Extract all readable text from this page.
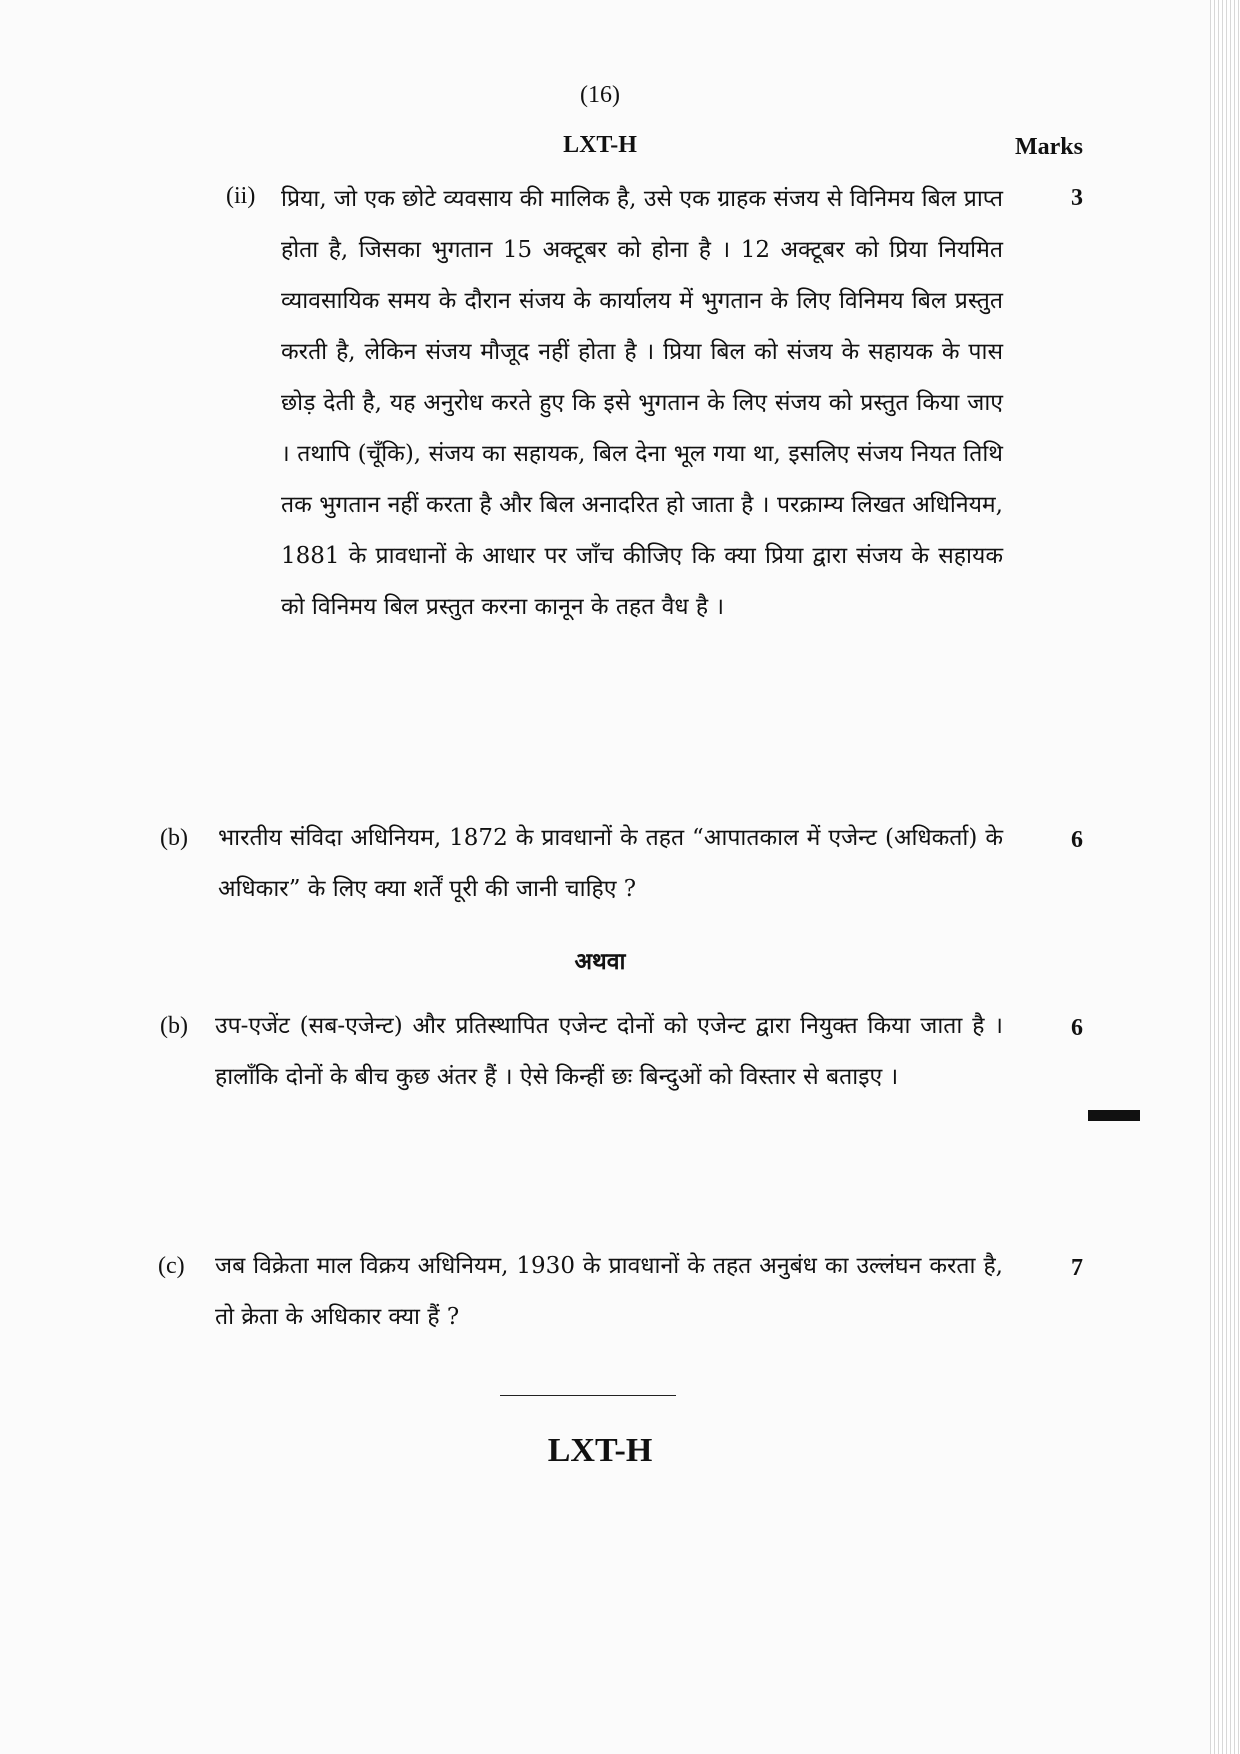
(16)
LXT-H	Marks
(ii)	3

प्रिया, जो एक छोटे व्यवसाय की मालिक है, उसे एक ग्राहक संजय से विनिमय बिल प्राप्त होता है, जिसका भुगतान 15 अक्टूबर को होना है । 12 अक्टूबर को प्रिया नियमित व्यावसायिक समय के दौरान संजय के कार्यालय में भुगतान के लिए विनिमय बिल प्रस्तुत करती है, लेकिन संजय मौजूद नहीं होता है । प्रिया बिल को संजय के सहायक के पास छोड़ देती है, यह अनुरोध करते हुए कि इसे भुगतान के लिए संजय को प्रस्तुत किया जाए । तथापि (चूँकि), संजय का सहायक, बिल देना भूल गया था, इसलिए संजय नियत तिथि तक भुगतान नहीं करता है और बिल अनादरित हो जाता है । परक्राम्य लिखत अधिनियम, 1881 के प्रावधानों के आधार पर जाँच कीजिए कि क्या प्रिया द्वारा संजय के सहायक को विनिमय बिल प्रस्तुत करना कानून के तहत वैध है ।

(b)	6

भारतीय संविदा अधिनियम, 1872 के प्रावधानों के तहत “आपातकाल में एजेन्ट (अधिकर्ता) के अधिकार” के लिए क्या शर्तें पूरी की जानी चाहिए ?

अथवा
(b)	6

उप-एजेंट (सब-एजेन्ट) और प्रतिस्थापित एजेन्ट दोनों को एजेन्ट द्वारा नियुक्त किया जाता है । हालाँकि दोनों के बीच कुछ अंतर हैं । ऐसे किन्हीं छः बिन्दुओं को विस्तार से बताइए ।

(c)	7

जब विक्रेता माल विक्रय अधिनियम, 1930 के प्रावधानों के तहत अनुबंध का उल्लंघन करता है, तो क्रेता के अधिकार क्या हैं ?

LXT-H
